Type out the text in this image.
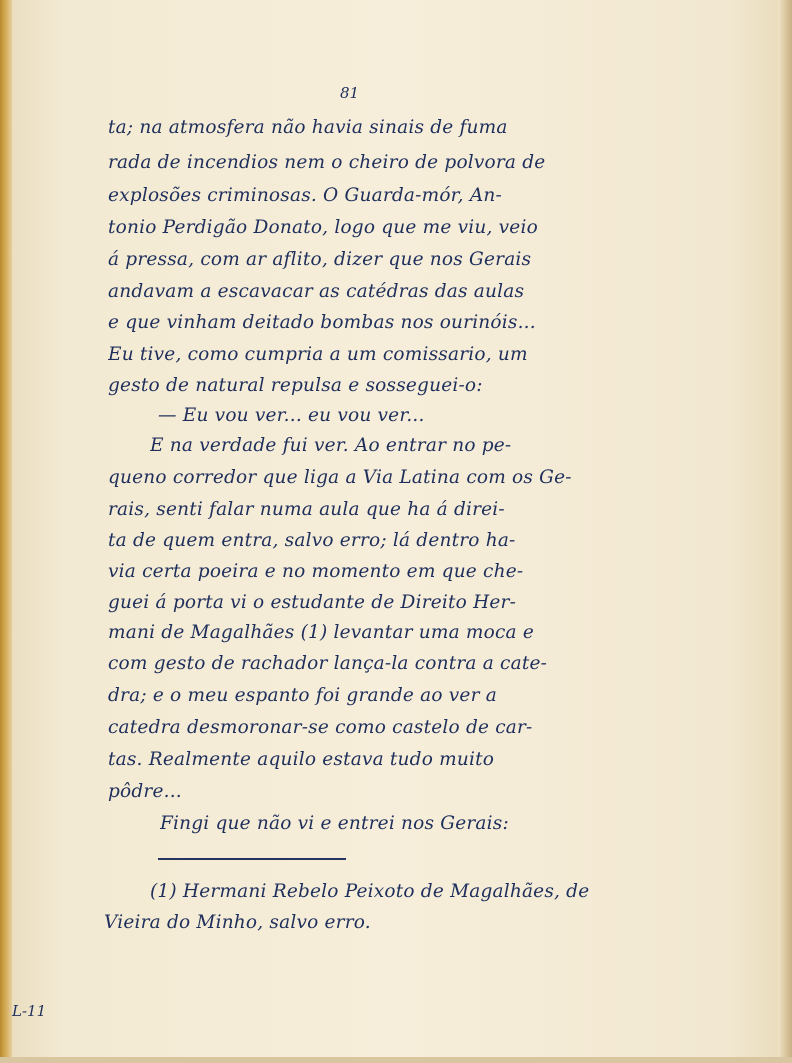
81
ta; na atmosfera não havia sinais de fuma
rada de incendios nem o cheiro de polvora de
explosões criminosas. O Guarda-mór, An-
tonio Perdigão Donato, logo que me viu, veio
á pressa, com ar aflito, dizer que nos Gerais
andavam a escavacar as catédras das aulas
e que vinham deitado bombas nos ourinóis...
Eu tive, como cumpria a um comissario, um
gesto de natural repulsa e sosseguei-o:
— Eu vou ver... eu vou ver...
E na verdade fui ver. Ao entrar no pe-
queno corredor que liga a Via Latina com os Ge-
rais, senti falar numa aula que ha á direi-
ta de quem entra, salvo erro; lá dentro ha-
via certa poeira e no momento em que che-
guei á porta vi o estudante de Direito Her-
mani de Magalhães (1) levantar uma moca e
com gesto de rachador lança-la contra a cate-
dra; e o meu espanto foi grande ao ver a
catedra desmoronar-se como castelo de car-
tas. Realmente aquilo estava tudo muito
pôdre...
Fingi que não vi e entrei nos Gerais:
(1) Hermani Rebelo Peixoto de Magalhães, de
Vieira do Minho, salvo erro.
L-11
